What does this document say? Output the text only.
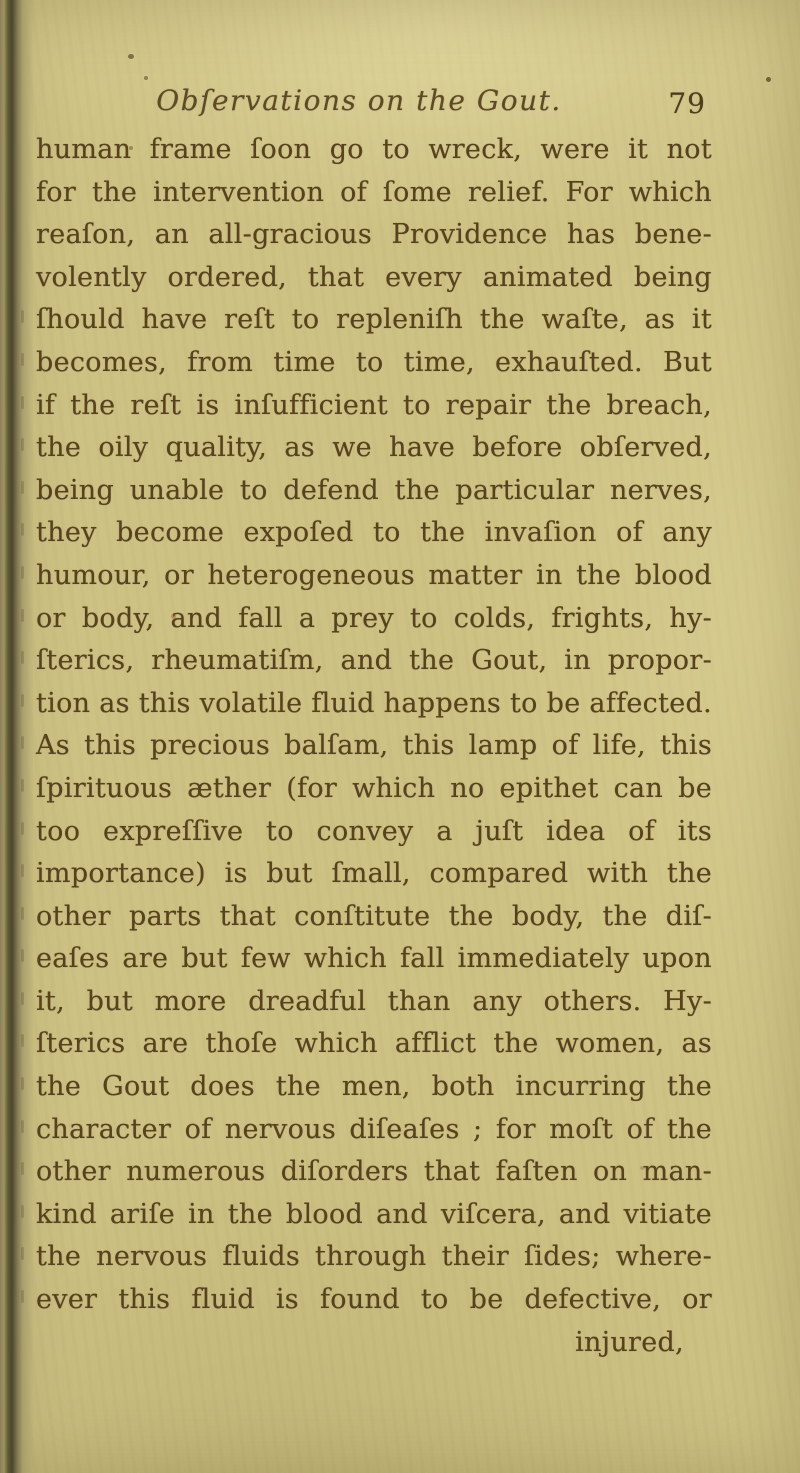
Obſervations on the Gout.	79
human frame ſoon go to wreck, were it not
for the intervention of ſome relief. For which
reaſon, an all-gracious Providence has bene-
volently ordered, that every animated being
ſhould have reſt to repleniſh the waſte, as it
becomes, from time to time, exhauſted. But
if the reſt is inſufficient to repair the breach,
the oily quality, as we have before obſerved,
being unable to defend the particular nerves,
they become expoſed to the invaſion of any
humour, or heterogeneous matter in the blood
or body, and fall a prey to colds, frights, hy-
ſterics, rheumatiſm, and the Gout, in propor-
tion as this volatile fluid happens to be affected.
As this precious balſam, this lamp of life, this
ſpirituous æther (for which no epithet can be
too expreſſive to convey a juſt idea of its
importance) is but ſmall, compared with the
other parts that conſtitute the body, the diſ-
eaſes are but few which fall immediately upon
it, but more dreadful than any others. Hy-
ſterics are thoſe which afflict the women, as
the Gout does the men, both incurring the
character of nervous diſeaſes ; for moſt of the
other numerous diſorders that faſten on man-
kind ariſe in the blood and viſcera, and vitiate
the nervous fluids through their ſides; where-
ever this fluid is found to be defective, or
injured,
